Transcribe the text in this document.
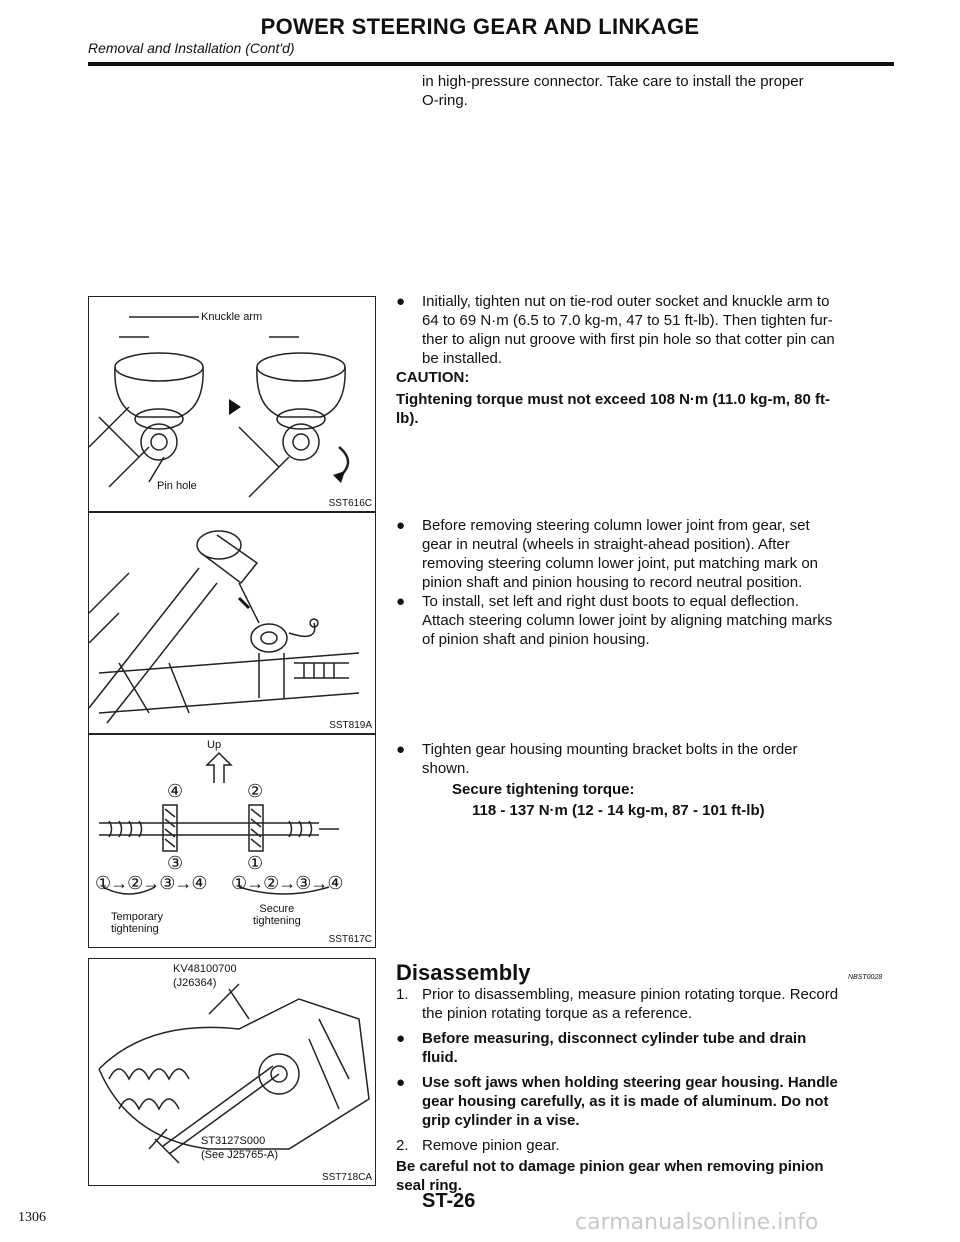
POWER STEERING GEAR AND LINKAGE
Removal and Installation (Cont'd)
in high-pressure connector. Take care to install the proper
O-ring.
● Initially, tighten nut on tie-rod outer socket and knuckle arm to
64 to 69 N·m (6.5 to 7.0 kg-m, 47 to 51 ft-lb). Then tighten fur-
ther to align nut groove with first pin hole so that cotter pin can
be installed.
CAUTION:
Tightening torque must not exceed 108 N·m (11.0 kg-m, 80 ft-
lb).
● Before removing steering column lower joint from gear, set
gear in neutral (wheels in straight-ahead position). After
removing steering column lower joint, put matching mark on
pinion shaft and pinion housing to record neutral position.
● To install, set left and right dust boots to equal deflection.
Attach steering column lower joint by aligning matching marks
of pinion shaft and pinion housing.
● Tighten gear housing mounting bracket bolts in the order
shown.
Secure tightening torque:
118 - 137 N·m (12 - 14 kg-m, 87 - 101 ft-lb)
Disassembly	NBST0028
1. Prior to disassembling, measure pinion rotating torque. Record
the pinion rotating torque as a reference.
● Before measuring, disconnect cylinder tube and drain
fluid.
● Use soft jaws when holding steering gear housing. Handle
gear housing carefully, as it is made of aluminum. Do not
grip cylinder in a vise.
2. Remove pinion gear.
Be careful not to damage pinion gear when removing pinion
seal ring.
Knuckle arm
Pin hole
SST616C
SST819A
Up
④	②
③	①
①→②→③→④ ①→②→③→④
Temporary
tightening
Secure
tightening
SST617C
KV48100700
(J26364)
ST3127S000
(See J25765-A)
SST718CA
ST-26
1306	carmanualsonline.info
